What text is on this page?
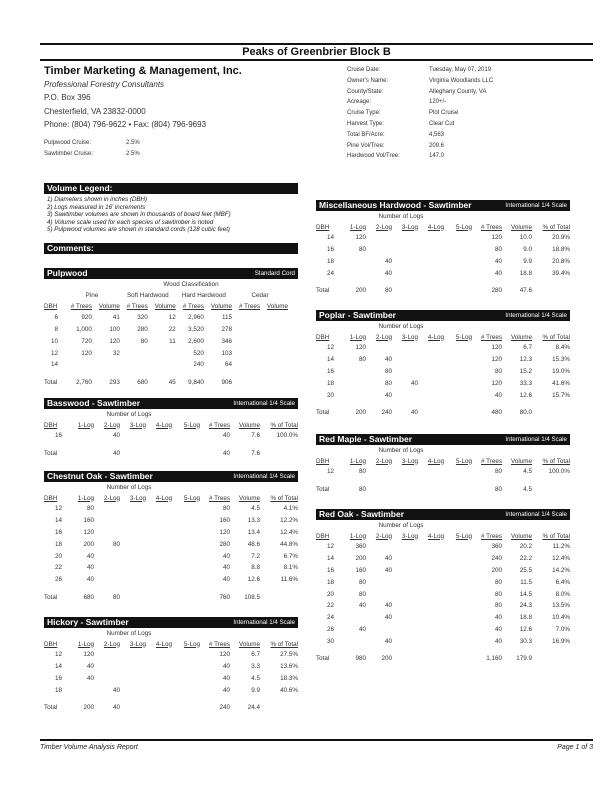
Peaks of Greenbrier Block B
Timber Marketing & Management, Inc.
Professional Forestry Consultants
P.O. Box 396
Chesterfield, VA 23832-0000
Phone: (804) 796-9622 • Fax: (804) 796-9693
Pulpwood Cruise:	2.5%
Sawtimber Cruise:	2.5%
Cruise Date:	Tuesday, May 07, 2019
Owner's Name:	Virginia Woodlands LLC
County/State:	Alleghany County, VA
Acreage:	120+/-
Cruise Type:	Plot Cruise
Harvest Type:	Clear Cut
Total BF/Acre:	4,563
Pine Vol/Tree:	209.6
Hardwood Vol/Tree:	147.0
Volume Legend:
1) Diameters shown in inches (DBH)
2) Logs measured in 16' increments
3) Sawtimber volumes are shown in thousands of board feet (MBF)
4) Volume scale used for each species of sawtimber is noted
5) Pulpwood volumes are shown in standard cords (128 cubic feet)
Comments:
Pulpwood	Standard Cord
Wood Classification
	Pine		Soft Hardwood		Hard Hardwood		Cedar	
DBH	# Trees	Volume	# Trees	Volume	# Trees	Volume	# Trees	Volume
6	920	41	320	12	2,960	115		
8	1,000	100	280	22	3,520	278		
10	720	120	80	11	2,600	346		
12	120	32			520	103		
14					240	64		
Total	2,760	293	680	45	9,840	906		
Basswood - Sawtimber	International 1/4 Scale
Number of Logs
DBH	1-Log	2-Log	3-Log	4-Log	5-Log	# Trees	Volume	% of Total
16		40				40	7.6	100.0%
Total		40				40	7.6	
Chestnut Oak - Sawtimber	International 1/4 Scale
Number of Logs
DBH	1-Log	2-Log	3-Log	4-Log	5-Log	# Trees	Volume	% of Total
12	80					80	4.5	4.1%
14	160					160	13.3	12.2%
16	120					120	13.4	12.4%
18	200	80				280	48.6	44.8%
20	40					40	7.2	6.7%
22	40					40	8.8	8.1%
26	40					40	12.6	11.6%
Total	680	80				760	108.5	
Hickory - Sawtimber	International 1/4 Scale
Number of Logs
DBH	1-Log	2-Log	3-Log	4-Log	5-Log	# Trees	Volume	% of Total
12	120					120	6.7	27.5%
14	40					40	3.3	13.6%
16	40					40	4.5	18.3%
18		40				40	9.9	40.6%
Total	200	40				240	24.4	
Miscellaneous Hardwood - Sawtimber	International 1/4 Scale
Number of Logs
DBH	1-Log	2-Log	3-Log	4-Log	5-Log	# Trees	Volume	% of Total
14	120					120	10.0	20.9%
16	80					80	9.0	18.8%
18		40				40	9.9	20.8%
24		40				40	18.8	39.4%
Total	200	80				280	47.6	
Poplar - Sawtimber	International 1/4 Scale
Number of Logs
DBH	1-Log	2-Log	3-Log	4-Log	5-Log	# Trees	Volume	% of Total
12	120					120	6.7	8.4%
14	80	40				120	12.3	15.3%
16		80				80	15.2	19.0%
18		80	40			120	33.3	41.6%
20		40				40	12.6	15.7%
Total	200	240	40			480	80.0	
Red Maple - Sawtimber	International 1/4 Scale
Number of Logs
DBH	1-Log	2-Log	3-Log	4-Log	5-Log	# Trees	Volume	% of Total
12	80					80	4.5	100.0%
Total	80					80	4.5	
Red Oak - Sawtimber	International 1/4 Scale
Number of Logs
DBH	1-Log	2-Log	3-Log	4-Log	5-Log	# Trees	Volume	% of Total
12	360					360	20.2	11.2%
14	200	40				240	22.2	12.4%
16	160	40				200	25.5	14.2%
18	80					80	11.5	6.4%
20	80					80	14.5	8.0%
22	40	40				80	24.3	13.5%
24		40				40	18.8	10.4%
26	40					40	12.6	7.0%
30		40				40	30.3	16.9%
Total	980	200				1,160	179.9	
Timber Volume Analysis Report	Page 1 of 3
